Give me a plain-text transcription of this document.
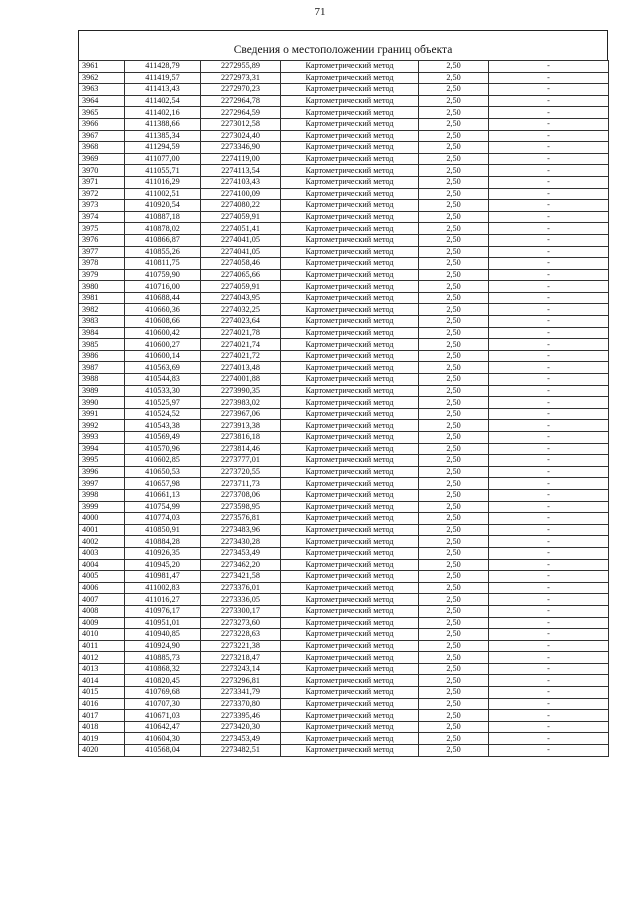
71
Сведения о местоположении границ объекта
3961	411428,79	2272955,89	Картометрический метод	2,50	-
3962	411419,57	2272973,31	Картометрический метод	2,50	-
3963	411413,43	2272970,23	Картометрический метод	2,50	-
3964	411402,54	2272964,78	Картометрический метод	2,50	-
3965	411402,16	2272964,59	Картометрический метод	2,50	-
3966	411388,66	2273012,58	Картометрический метод	2,50	-
3967	411385,34	2273024,40	Картометрический метод	2,50	-
3968	411294,59	2273346,90	Картометрический метод	2,50	-
3969	411077,00	2274119,00	Картометрический метод	2,50	-
3970	411055,71	2274113,54	Картометрический метод	2,50	-
3971	411016,29	2274103,43	Картометрический метод	2,50	-
3972	411002,51	2274100,09	Картометрический метод	2,50	-
3973	410920,54	2274080,22	Картометрический метод	2,50	-
3974	410887,18	2274059,91	Картометрический метод	2,50	-
3975	410878,02	2274051,41	Картометрический метод	2,50	-
3976	410866,87	2274041,05	Картометрический метод	2,50	-
3977	410855,26	2274041,05	Картометрический метод	2,50	-
3978	410811,75	2274058,46	Картометрический метод	2,50	-
3979	410759,90	2274065,66	Картометрический метод	2,50	-
3980	410716,00	2274059,91	Картометрический метод	2,50	-
3981	410688,44	2274043,95	Картометрический метод	2,50	-
3982	410660,36	2274032,25	Картометрический метод	2,50	-
3983	410608,66	2274023,64	Картометрический метод	2,50	-
3984	410600,42	2274021,78	Картометрический метод	2,50	-
3985	410600,27	2274021,74	Картометрический метод	2,50	-
3986	410600,14	2274021,72	Картометрический метод	2,50	-
3987	410563,69	2274013,48	Картометрический метод	2,50	-
3988	410544,83	2274001,88	Картометрический метод	2,50	-
3989	410533,30	2273990,35	Картометрический метод	2,50	-
3990	410525,97	2273983,02	Картометрический метод	2,50	-
3991	410524,52	2273967,06	Картометрический метод	2,50	-
3992	410543,38	2273913,38	Картометрический метод	2,50	-
3993	410569,49	2273816,18	Картометрический метод	2,50	-
3994	410570,96	2273814,46	Картометрический метод	2,50	-
3995	410602,85	2273777,01	Картометрический метод	2,50	-
3996	410650,53	2273720,55	Картометрический метод	2,50	-
3997	410657,98	2273711,73	Картометрический метод	2,50	-
3998	410661,13	2273708,06	Картометрический метод	2,50	-
3999	410754,99	2273598,95	Картометрический метод	2,50	-
4000	410774,03	2273576,81	Картометрический метод	2,50	-
4001	410850,91	2273483,96	Картометрический метод	2,50	-
4002	410884,28	2273430,28	Картометрический метод	2,50	-
4003	410926,35	2273453,49	Картометрический метод	2,50	-
4004	410945,20	2273462,20	Картометрический метод	2,50	-
4005	410981,47	2273421,58	Картометрический метод	2,50	-
4006	411002,83	2273376,01	Картометрический метод	2,50	-
4007	411016,27	2273336,05	Картометрический метод	2,50	-
4008	410976,17	2273300,17	Картометрический метод	2,50	-
4009	410951,01	2273273,60	Картометрический метод	2,50	-
4010	410940,85	2273228,63	Картометрический метод	2,50	-
4011	410924,90	2273221,38	Картометрический метод	2,50	-
4012	410885,73	2273218,47	Картометрический метод	2,50	-
4013	410868,32	2273243,14	Картометрический метод	2,50	-
4014	410820,45	2273296,81	Картометрический метод	2,50	-
4015	410769,68	2273341,79	Картометрический метод	2,50	-
4016	410707,30	2273370,80	Картометрический метод	2,50	-
4017	410671,03	2273395,46	Картометрический метод	2,50	-
4018	410642,47	2273420,30	Картометрический метод	2,50	-
4019	410604,30	2273453,49	Картометрический метод	2,50	-
4020	410568,04	2273482,51	Картометрический метод	2,50	-
